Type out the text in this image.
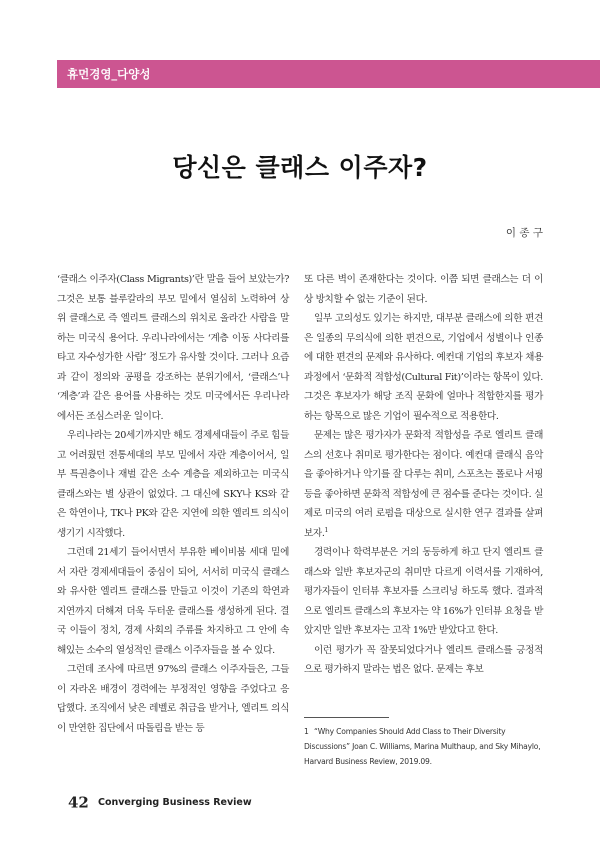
휴먼경영_다양성
당신은 클래스 이주자?
이 종 구

‘클래스 이주자(Class Migrants)’란 말을 들어 보았는가? 그것은 보통 블루칼라의 부모 밑에서 열심히 노력하여 상위 클래스로 즉 엘리트 클래스의 위치로 올라간 사람을 말하는 미국식 용어다. 우리나라에서는 ‘계층 이동 사다리를 타고 자수성가한 사람’ 정도가 유사할 것이다. 그러나 요즘과 같이 정의와 공평을 강조하는 분위기에서, ‘클래스’나 ‘계층’과 같은 용어를 사용하는 것도 미국에서든 우리나라에서든 조심스러운 일이다.

우리나라는 20세기까지만 해도 경제세대들이 주로 힘들고 어려웠던 전통세대의 부모 밑에서 자란 계층이어서, 일부 특권층이나 재벌 같은 소수 계층을 제외하고는 미국식 클래스와는 별 상관이 없었다. 그 대신에 SKY나 KS와 같은 학연이나, TK나 PK와 같은 지연에 의한 엘리트 의식이 생기기 시작했다.

그런데 21세기 들어서면서 부유한 베이비붐 세대 밑에서 자란 경제세대들이 중심이 되어, 서서히 미국식 클래스와 유사한 엘리트 클래스를 만들고 이것이 기존의 학연과 지연까지 더해져 더욱 두터운 클래스를 생성하게 된다. 결국 이들이 정치, 경제 사회의 주류를 차지하고 그 안에 속해있는 소수의 열성적인 클래스 이주자들을 볼 수 있다.

그런데 조사에 따르면 97%의 클래스 이주자들은, 그들이 자라온 배경이 경력에는 부정적인 영향을 주었다고 응답했다. 조직에서 낮은 레벨로 취급을 받거나, 엘리트 의식이 만연한 집단에서 따돌림을 받는 등

또 다른 벽이 존재한다는 것이다. 이쯤 되면 클래스는 더 이상 방치할 수 없는 기준이 된다.

일부 고의성도 있기는 하지만, 대부분 클래스에 의한 편견은 일종의 무의식에 의한 편견으로, 기업에서 성별이나 인종에 대한 편견의 문제와 유사하다. 예컨대 기업의 후보자 채용과정에서 ‘문화적 적합성(Cultural Fit)’이라는 항목이 있다. 그것은 후보자가 해당 조직 문화에 얼마나 적합한지를 평가하는 항목으로 많은 기업이 필수적으로 적용한다.

문제는 많은 평가자가 문화적 적합성을 주로 엘리트 클래스의 선호나 취미로 평가한다는 점이다. 예컨대 클래식 음악을 좋아하거나 악기를 잘 다루는 취미, 스포츠는 폴로나 서핑 등을 좋아하면 문화적 적합성에 큰 점수를 준다는 것이다. 실제로 미국의 여러 로펌을 대상으로 실시한 연구 결과를 살펴보자.$^1$

경력이나 학력부분은 거의 동등하게 하고 단지 엘리트 클래스와 일반 후보자군의 취미만 다르게 이력서를 기재하여, 평가자들이 인터뷰 후보자를 스크리닝 하도록 했다. 결과적으로 엘리트 클래스의 후보자는 약 16%가 인터뷰 요청을 받았지만 일반 후보자는 고작 1%만 받았다고 한다.

이런 평가가 꼭 잘못되었다거나 엘리트 클래스를 긍정적으로 평가하지 말라는 법은 없다. 문제는 후보

1 “Why Companies Should Add Class to Their Diversity Discussions” Joan C. Williams, Marina Multhaup, and Sky Mihaylo, Harvard Business Review, 2019.09.
42 Converging Business Review
